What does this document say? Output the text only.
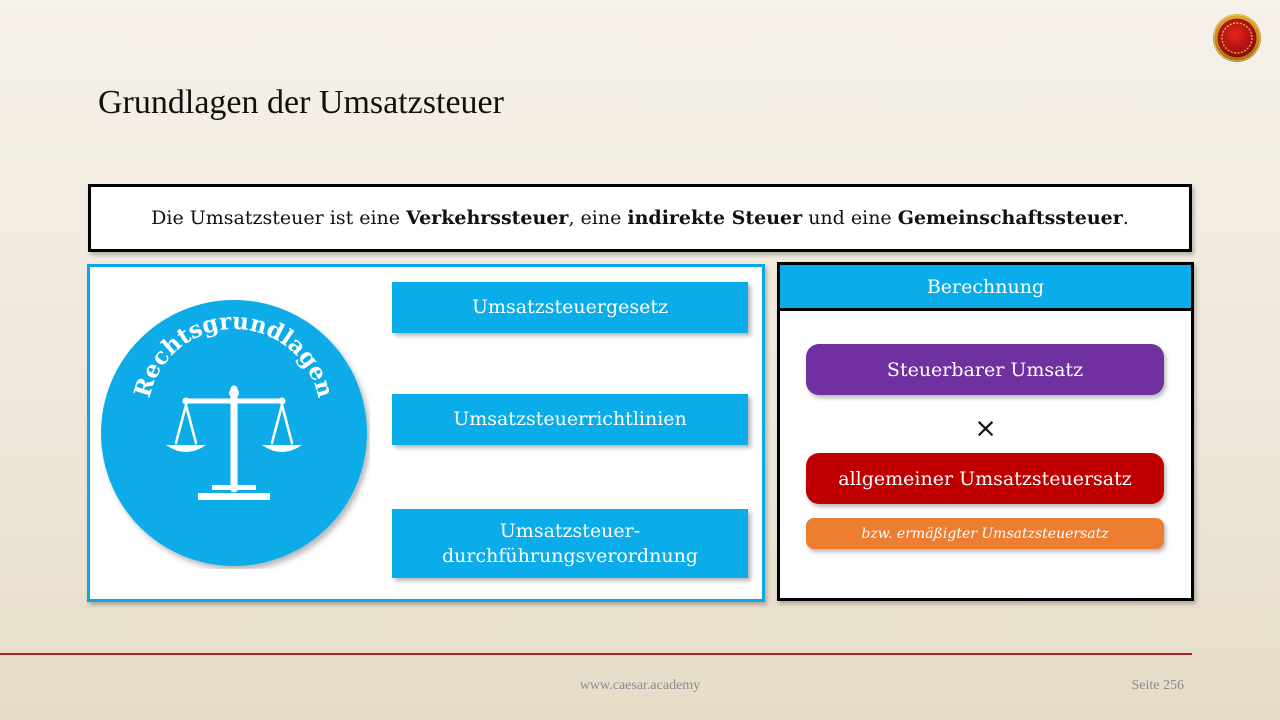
Grundlagen der Umsatzsteuer
Die Umsatzsteuer ist eine Verkehrssteuer , eine indirekte Steuer und eine Gemeinschaftssteuer .
Rechtsgrundlagen
Umsatzsteuergesetz
Umsatzsteuerrichtlinien
Umsatzsteuer-
durchführungsverordnung
Berechnung
Steuerbarer Umsatz
×
allgemeiner Umsatzsteuersatz
bzw. ermäßigter Umsatzsteuersatz
www.caesar.academy	Seite 256
